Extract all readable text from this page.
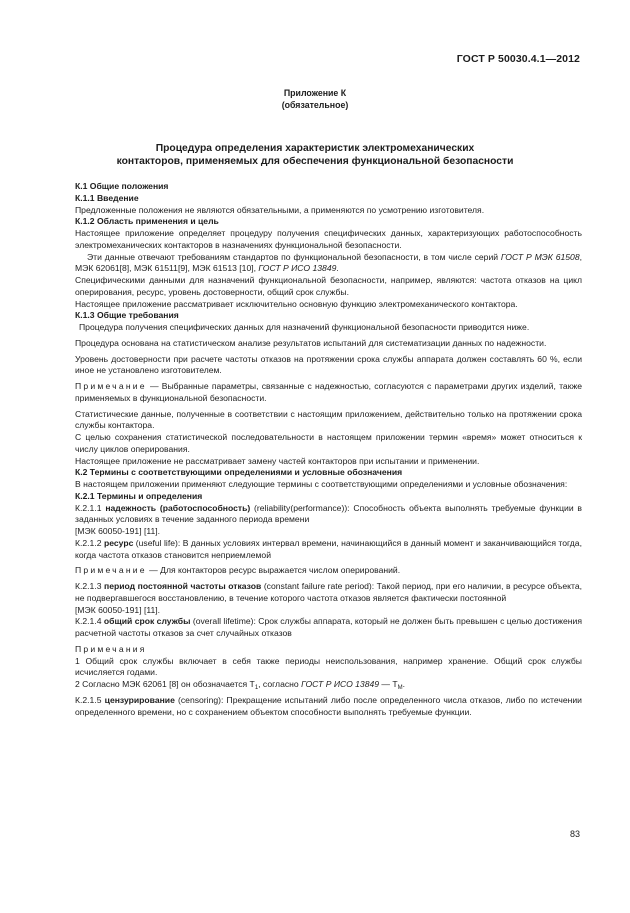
ГОСТ Р 50030.4.1—2012
Приложение К
(обязательное)
Процедура определения характеристик электромеханических
контакторов, применяемых для обеспечения функциональной безопасности

К.1 Общие положения

К.1.1 Введение

Предложенные положения не являются обязательными, а применяются по усмотрению изготовителя.

К.1.2 Область применения и цель

Настоящее приложение определяет процедуру получения специфических данных, характеризующих работоспособность электромеханических контакторов в назначениях функциональной безопасности.

Эти данные отвечают требованиям стандартов по функциональной безопасности, в том числе серий ГОСТ Р МЭК 61508, МЭК 62061[8], МЭК 61511[9], МЭК 61513 [10], ГОСТ Р ИСО 13849.

Специфическими данными для назначений функциональной безопасности, например, являются: частота отказов на цикл оперирования, ресурс, уровень достоверности, общий срок службы.

Настоящее приложение рассматривает исключительно основную функцию электромеханического контактора.

К.1.3 Общие требования

Процедура получения специфических данных для назначений функциональной безопасности приводится ниже.

Процедура основана на статистическом анализе результатов испытаний для систематизации данных по надежности.

Уровень достоверности при расчете частоты отказов на протяжении срока службы аппарата должен составлять 60 %, если иное не установлено изготовителем.

Примечание — Выбранные параметры, связанные с надежностью, согласуются с параметрами других изделий, также применяемых в функциональной безопасности.

Статистические данные, полученные в соответствии с настоящим приложением, действительно только на протяжении срока службы контактора.

С целью сохранения статистической последовательности в настоящем приложении термин «время» может относиться к числу циклов оперирования.

Настоящее приложение не рассматривает замену частей контакторов при испытании и применении.

К.2 Термины с соответствующими определениями и условные обозначения

В настоящем приложении применяют следующие термины с соответствующими определениями и условные обозначения:

К.2.1 Термины и определения

К.2.1.1 надежность (работоспособность) (reliability(performance)): Способность объекта выполнять требуемые функции в заданных условиях в течение заданного периода времени

[МЭК 60050-191] [11].

К.2.1.2 ресурс (useful life): В данных условиях интервал времени, начинающийся в данный момент и заканчивающийся тогда, когда частота отказов становится неприемлемой

Примечание — Для контакторов ресурс выражается числом оперирований.

К.2.1.3 период постоянной частоты отказов (constant failure rate period): Такой период, при его наличии, в ресурсе объекта, не подвергавшегося восстановлению, в течение которого частота отказов является фактически постоянной

[МЭК 60050-191] [11].

К.2.1.4 общий срок службы (overall lifetime): Срок службы аппарата, который не должен быть превышен с целью достижения расчетной частоты отказов за счет случайных отказов

Примечания

1 Общий срок службы включает в себя также периоды неиспользования, например хранение. Общий срок службы исчисляется годами.

2 Согласно МЭК 62061 [8] он обозначается $T_1$, согласно ГОСТ Р ИСО 13849 — $T_M$.

К.2.1.5 цензурирование (censoring): Прекращение испытаний либо после определенного числа отказов, либо по истечении определенного времени, но с сохранением объектом способности выполнять требуемые функции.

83
